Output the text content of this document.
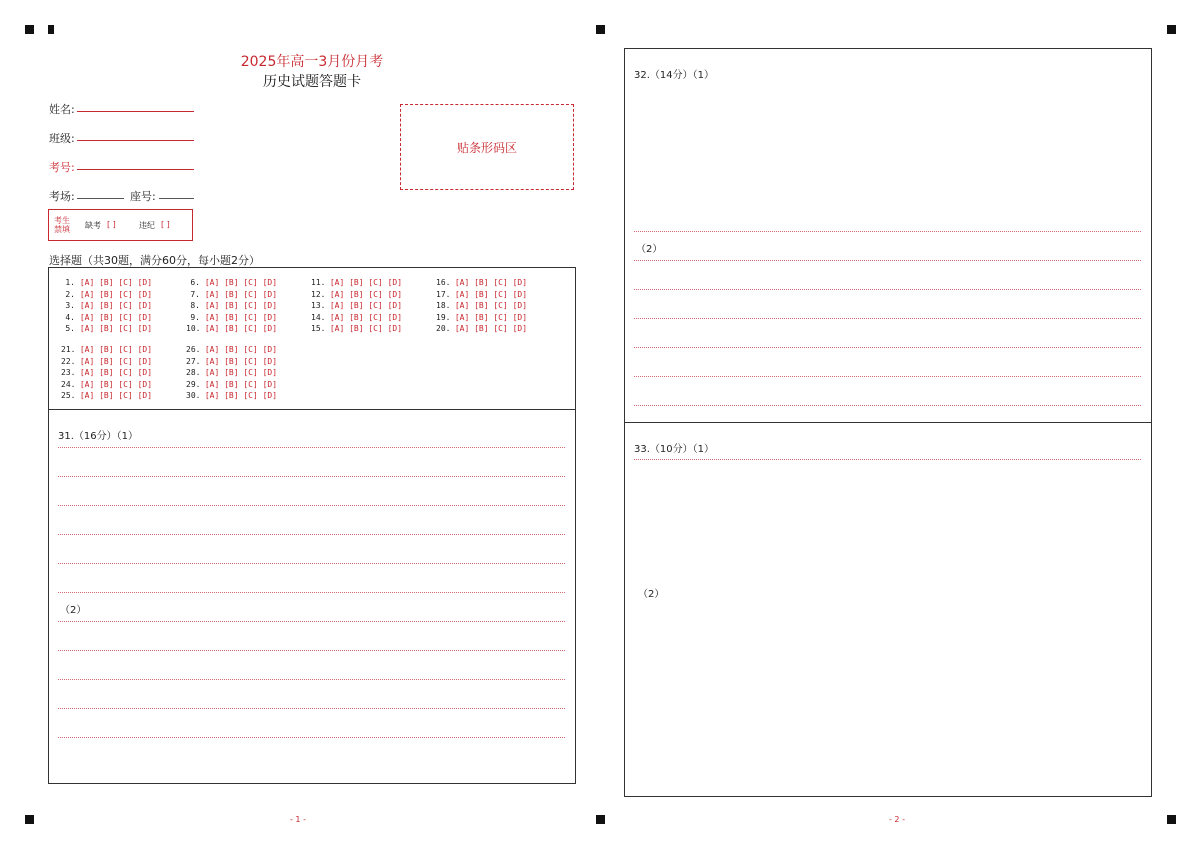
2025年高一3月份月考
历史试题答题卡
姓名:
班级:
考号:
考场:	座号:
贴条形码区
考生
禁填	缺考 [ ]	违纪 [ ]
选择题（共30题，满分60分，每小题2分）
1. [A] [B] [C] [D]
2. [A] [B] [C] [D]
3. [A] [B] [C] [D]
4. [A] [B] [C] [D]
5. [A] [B] [C] [D]
6. [A] [B] [C] [D]
7. [A] [B] [C] [D]
8. [A] [B] [C] [D]
9. [A] [B] [C] [D]
10. [A] [B] [C] [D]
11. [A] [B] [C] [D]
12. [A] [B] [C] [D]
13. [A] [B] [C] [D]
14. [A] [B] [C] [D]
15. [A] [B] [C] [D]
16. [A] [B] [C] [D]
17. [A] [B] [C] [D]
18. [A] [B] [C] [D]
19. [A] [B] [C] [D]
20. [A] [B] [C] [D]
21. [A] [B] [C] [D]
22. [A] [B] [C] [D]
23. [A] [B] [C] [D]
24. [A] [B] [C] [D]
25. [A] [B] [C] [D]
26. [A] [B] [C] [D]
27. [A] [B] [C] [D]
28. [A] [B] [C] [D]
29. [A] [B] [C] [D]
30. [A] [B] [C] [D]
31.（16分）（1）
（2）
32.（14分）（1）
（2）
33.（10分）（1）
（2）
- 1 -	- 2 -
